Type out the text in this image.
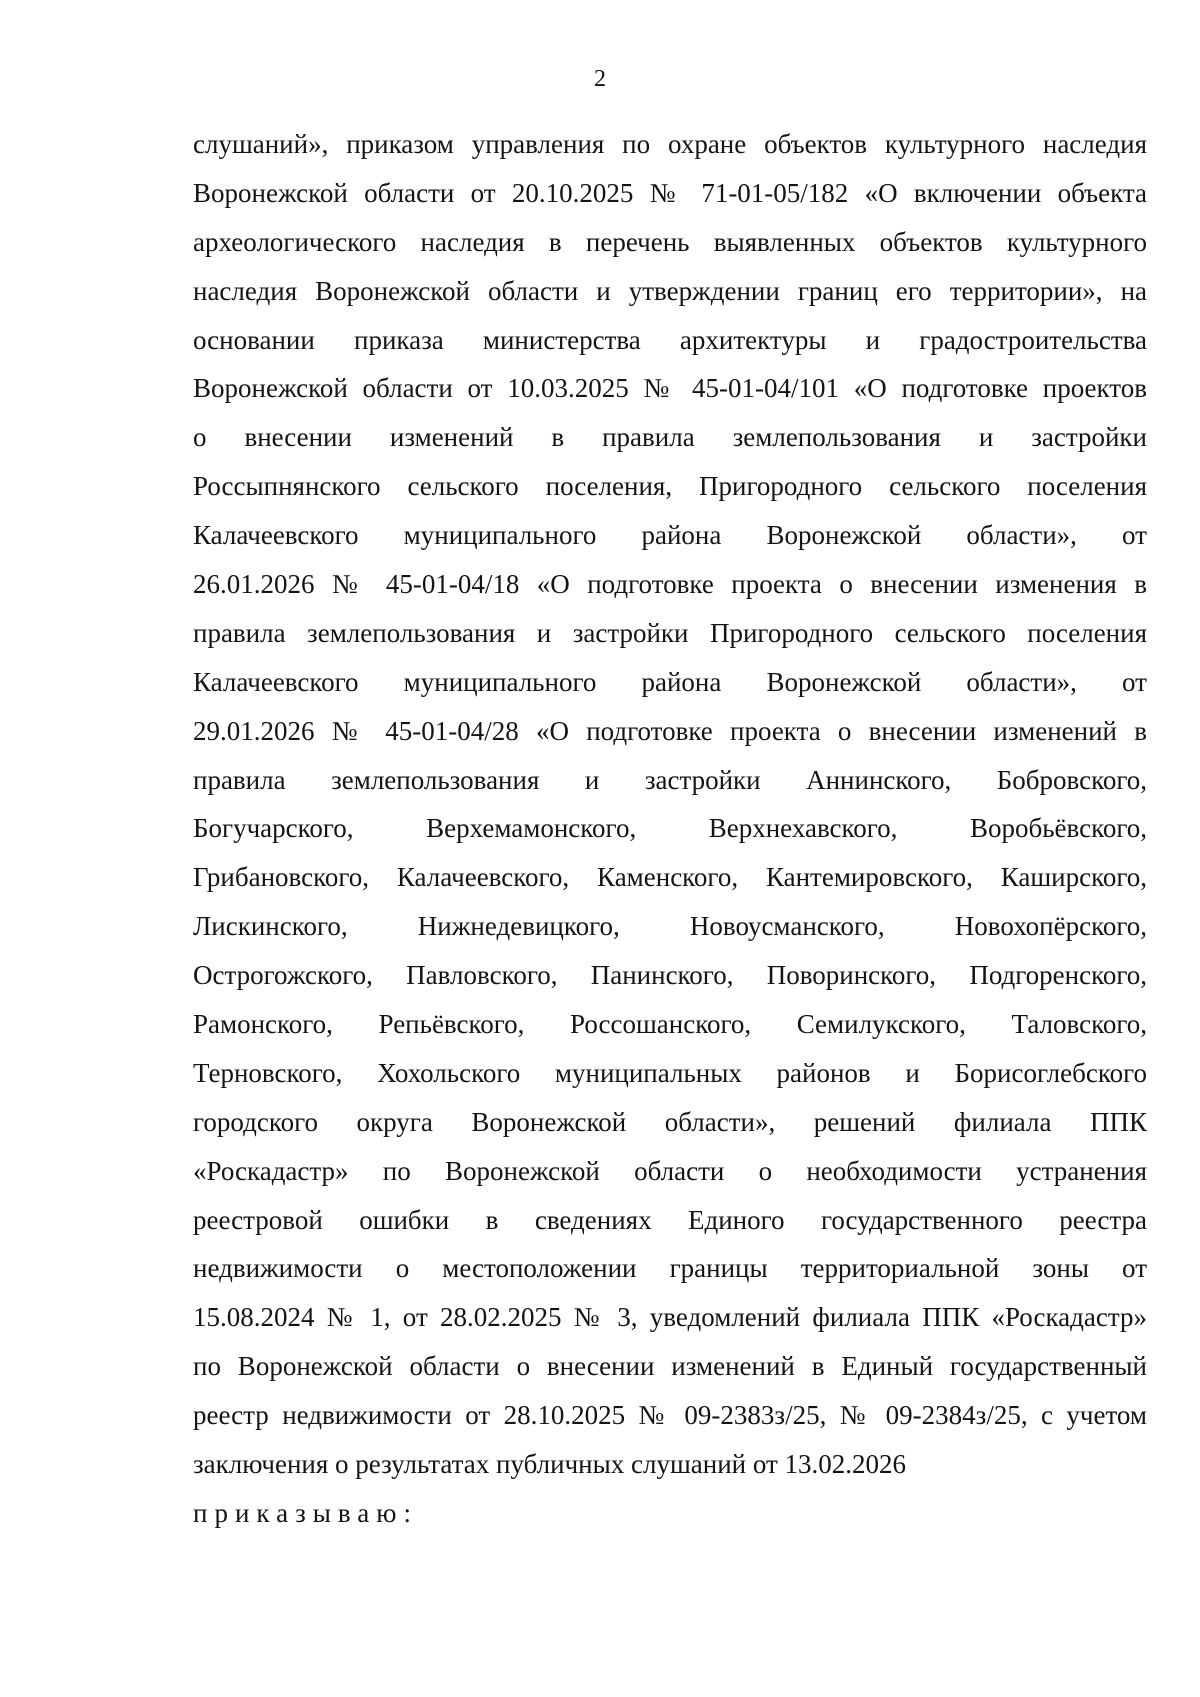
2
слушаний», приказом управления по охране объектов культурного наследия
Воронежской области от 20.10.2025 № 71-01-05/182 «О включении объекта
археологического наследия в перечень выявленных объектов культурного
наследия Воронежской области и утверждении границ его территории», на
основании приказа министерства архитектуры и градостроительства
Воронежской области от 10.03.2025 № 45-01-04/101 «О подготовке проектов
о внесении изменений в правила землепользования и застройки
Россыпнянского сельского поселения, Пригородного сельского поселения
Калачеевского муниципального района Воронежской области», от
26.01.2026 № 45-01-04/18 «О подготовке проекта о внесении изменения в
правила землепользования и застройки Пригородного сельского поселения
Калачеевского муниципального района Воронежской области», от
29.01.2026 № 45-01-04/28 «О подготовке проекта о внесении изменений в
правила землепользования и застройки Аннинского, Бобровского,
Богучарского, Верхемамонского, Верхнехавского, Воробьёвского,
Грибановского, Калачеевского, Каменского, Кантемировского, Каширского,
Лискинского, Нижнедевицкого, Новоусманского, Новохопёрского,
Острогожского, Павловского, Панинского, Поворинского, Подгоренского,
Рамонского, Репьёвского, Россошанского, Семилукского, Таловского,
Терновского, Хохольского муниципальных районов и Борисоглебского
городского округа Воронежской области», решений филиала ППК
«Роскадастр» по Воронежской области о необходимости устранения
реестровой ошибки в сведениях Единого государственного реестра
недвижимости о местоположении границы территориальной зоны от
15.08.2024 № 1, от 28.02.2025 № 3, уведомлений филиала ППК «Роскадастр»
по Воронежской области о внесении изменений в Единый государственный
реестр недвижимости от 28.10.2025 № 09-2383з/25, № 09-2384з/25, с учетом
заключения о результатах публичных слушаний от 13.02.2026
приказываю:
